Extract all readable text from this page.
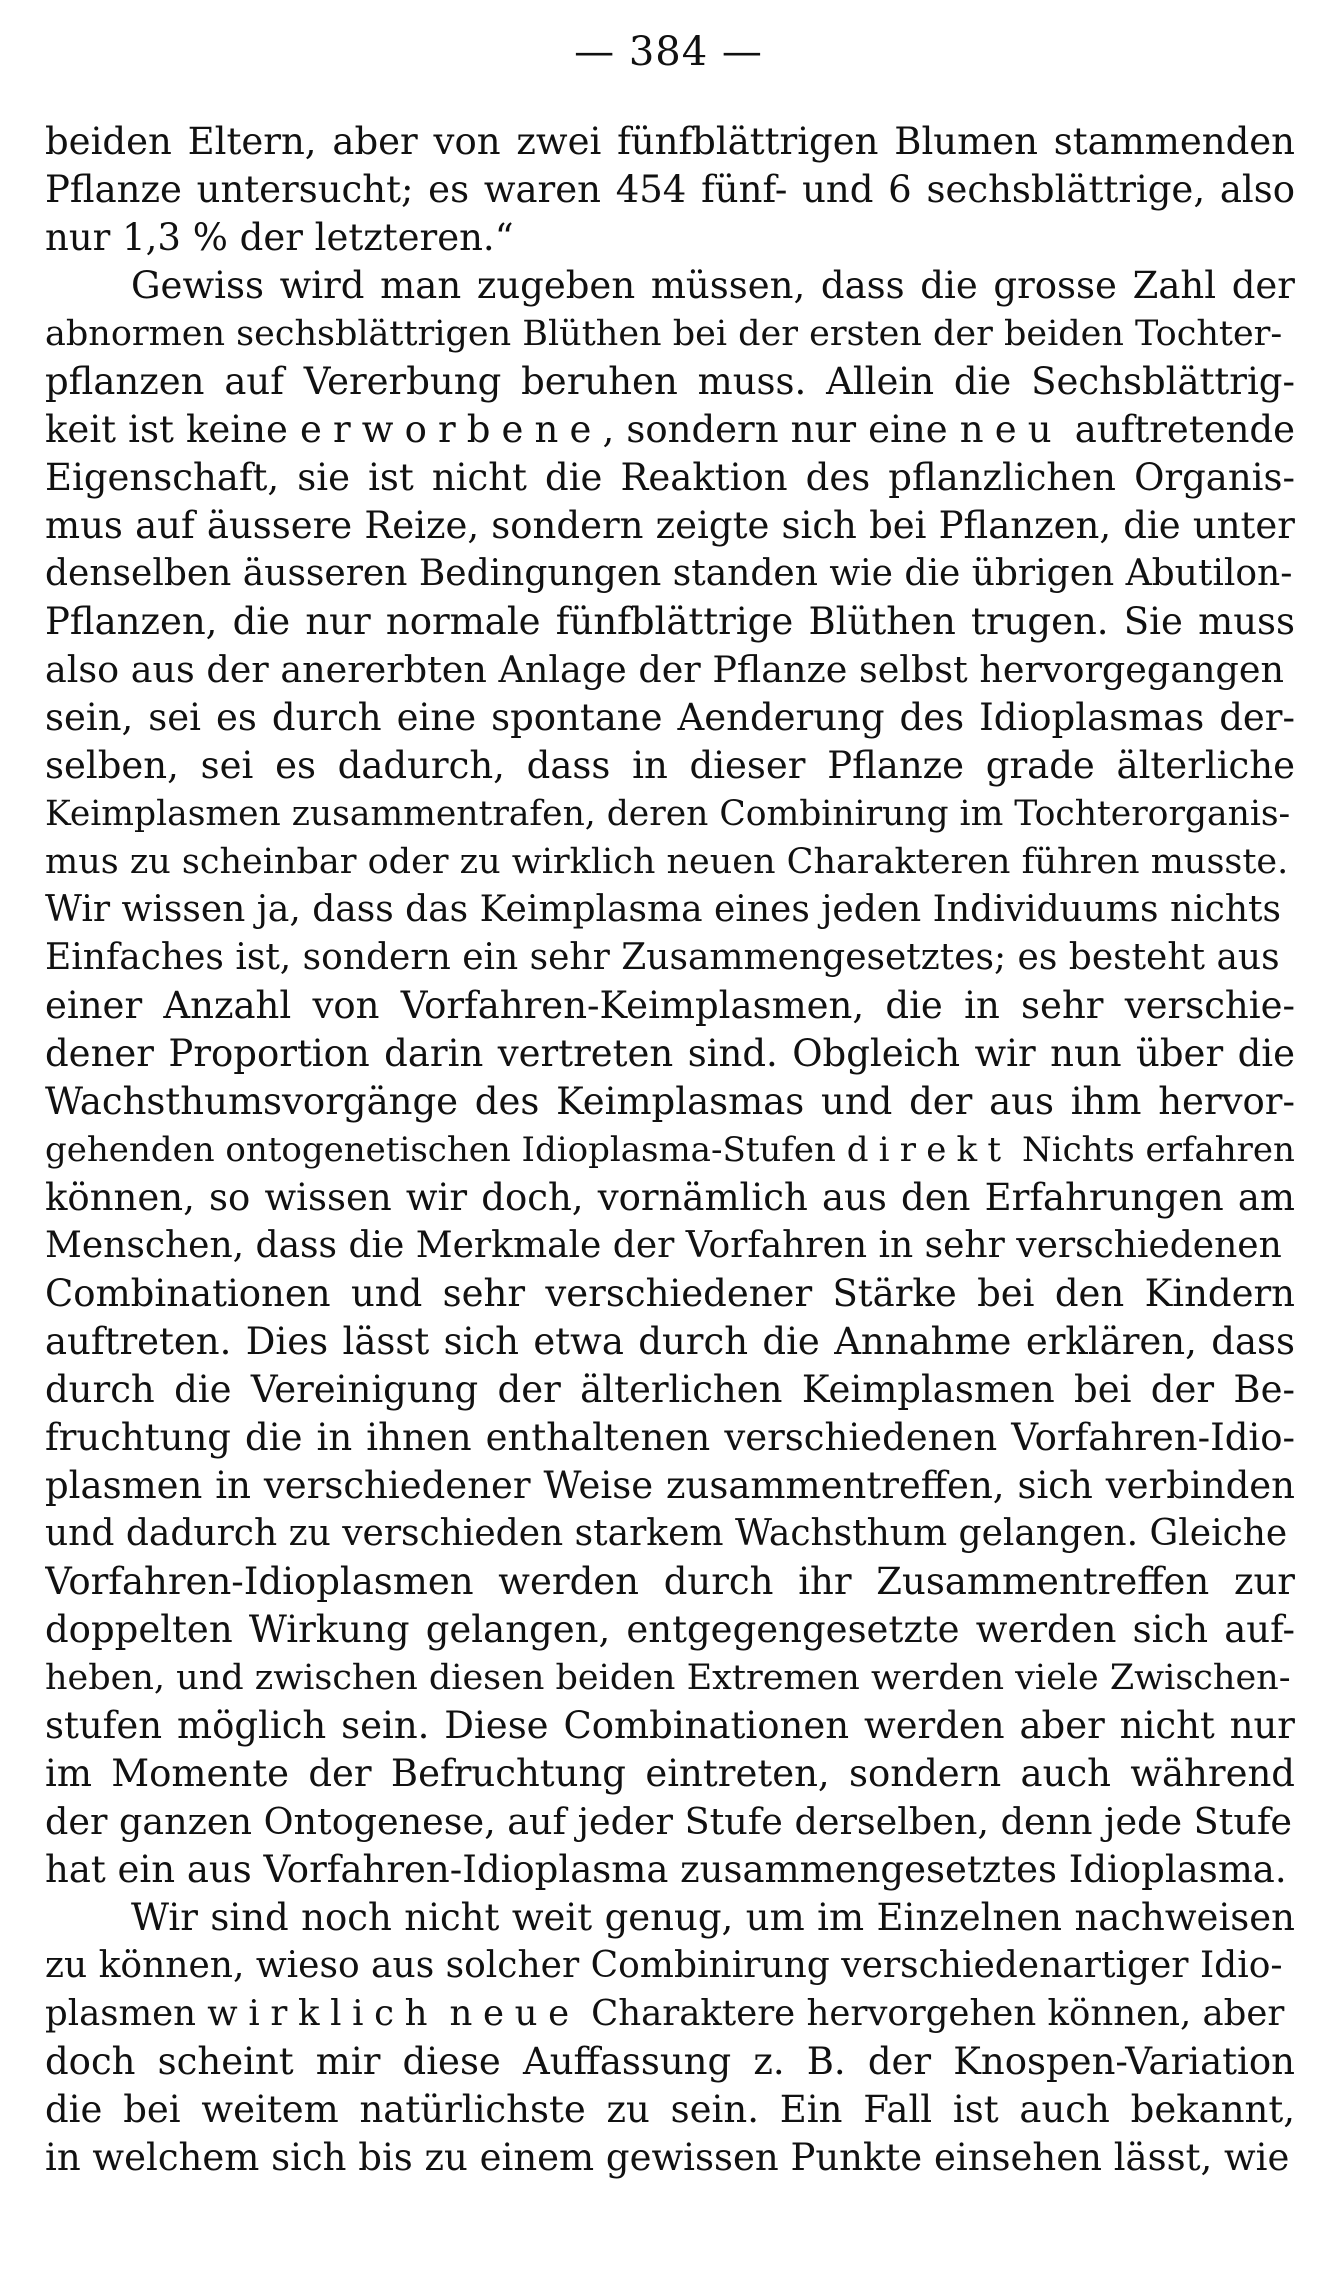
— 384 —
beiden Eltern, aber von zwei fünfblättrigen Blumen stammenden
Pflanze untersucht; es waren 454 fünf- und 6 sechsblättrige, also
nur 1,3 % der letzteren.“
Gewiss wird man zugeben müssen, dass die grosse Zahl der
abnormen sechsblättrigen Blüthen bei der ersten der beiden Tochter-
pflanzen auf Vererbung beruhen muss. Allein die Sechsblättrig-
keit ist keine erworbene, sondern nur eine neu auftretende
Eigenschaft, sie ist nicht die Reaktion des pflanzlichen Organis-
mus auf äussere Reize, sondern zeigte sich bei Pflanzen, die unter
denselben äusseren Bedingungen standen wie die übrigen Abutilon-
Pflanzen, die nur normale fünfblättrige Blüthen trugen. Sie muss
also aus der anererbten Anlage der Pflanze selbst hervorgegangen
sein, sei es durch eine spontane Aenderung des Idioplasmas der-
selben, sei es dadurch, dass in dieser Pflanze grade älterliche
Keimplasmen zusammentrafen, deren Combinirung im Tochterorganis-
mus zu scheinbar oder zu wirklich neuen Charakteren führen musste.
Wir wissen ja, dass das Keimplasma eines jeden Individuums nichts
Einfaches ist, sondern ein sehr Zusammengesetztes; es besteht aus
einer Anzahl von Vorfahren-Keimplasmen, die in sehr verschie-
dener Proportion darin vertreten sind. Obgleich wir nun über die
Wachsthumsvorgänge des Keimplasmas und der aus ihm hervor-
gehenden ontogenetischen Idioplasma-Stufen direkt Nichts erfahren
können, so wissen wir doch, vornämlich aus den Erfahrungen am
Menschen, dass die Merkmale der Vorfahren in sehr verschiedenen
Combinationen und sehr verschiedener Stärke bei den Kindern
auftreten. Dies lässt sich etwa durch die Annahme erklären, dass
durch die Vereinigung der älterlichen Keimplasmen bei der Be-
fruchtung die in ihnen enthaltenen verschiedenen Vorfahren-Idio-
plasmen in verschiedener Weise zusammentreffen, sich verbinden
und dadurch zu verschieden starkem Wachsthum gelangen. Gleiche
Vorfahren-Idioplasmen werden durch ihr Zusammentreffen zur
doppelten Wirkung gelangen, entgegengesetzte werden sich auf-
heben, und zwischen diesen beiden Extremen werden viele Zwischen-
stufen möglich sein. Diese Combinationen werden aber nicht nur
im Momente der Befruchtung eintreten, sondern auch während
der ganzen Ontogenese, auf jeder Stufe derselben, denn jede Stufe
hat ein aus Vorfahren-Idioplasma zusammengesetztes Idioplasma.
Wir sind noch nicht weit genug, um im Einzelnen nachweisen
zu können, wieso aus solcher Combinirung verschiedenartiger Idio-
plasmen wirklich neue Charaktere hervorgehen können, aber
doch scheint mir diese Auffassung z. B. der Knospen-Variation
die bei weitem natürlichste zu sein. Ein Fall ist auch bekannt,
in welchem sich bis zu einem gewissen Punkte einsehen lässt, wie
